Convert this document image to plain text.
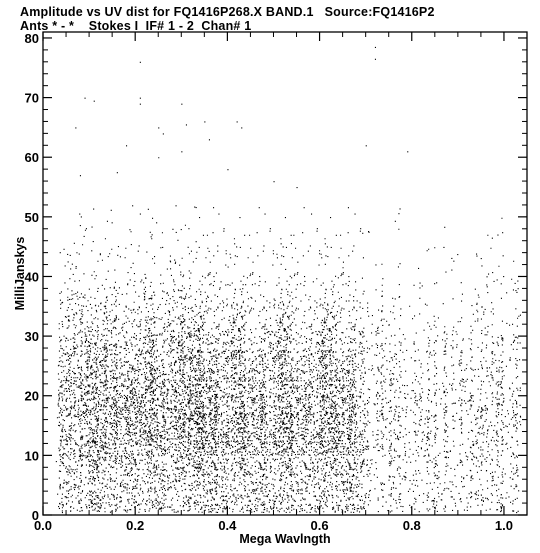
Amplitude vs UV dist for FQ1416P268.X BAND.1   Source:FQ1416P2
Ants * - *    Stokes I  IF# 1 - 2  Chan# 1
0.0	0.2	0.4	0.6	0.8	1.0
0
10
20
30
40
50
60
70
80
Mega Wavlngth
MilliJanskys
